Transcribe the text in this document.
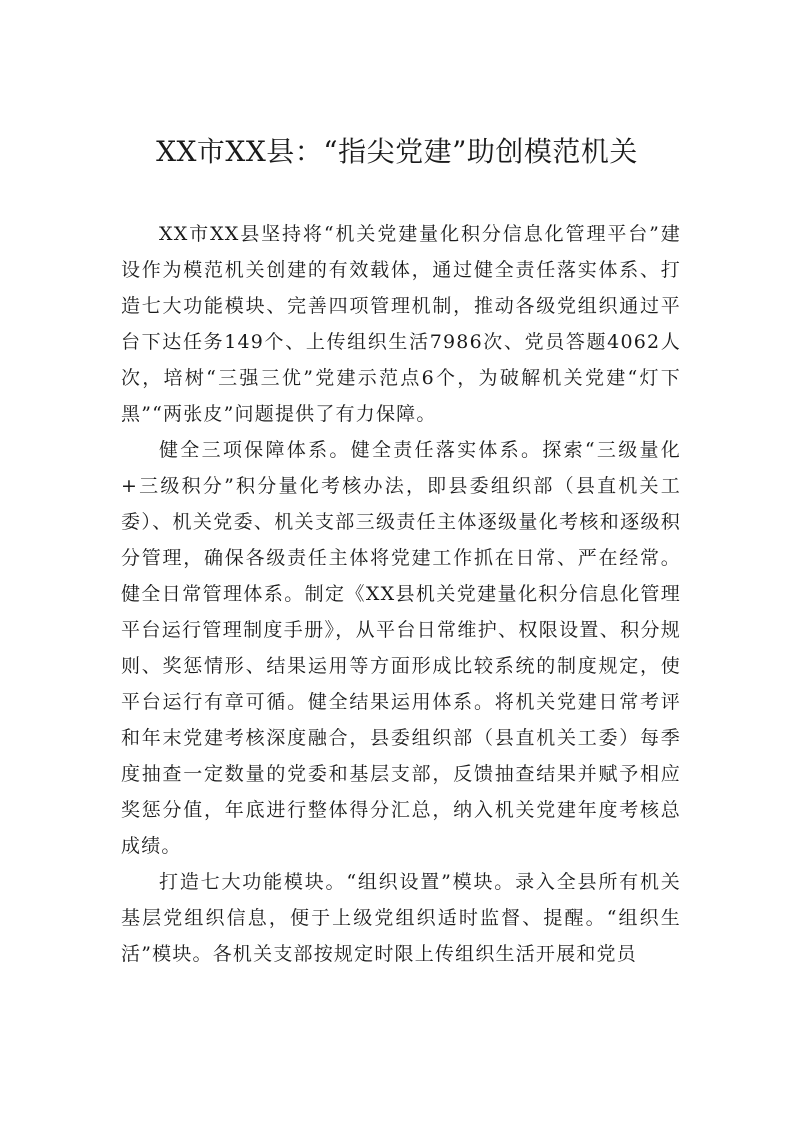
XX市XX县：“指尖党建”助创模范机关

XX市XX县坚持将“机关党建量化积分信息化管理平台”建设作为模范机关创建的有效载体，通过健全责任落实体系、打造七大功能模块、完善四项管理机制，推动各级党组织通过平台下达任务149个、上传组织生活7986次、党员答题4062人次，培树“三强三优”党建示范点6个，为破解机关党建“灯下黑”“两张皮”问题提供了有力保障。

健全三项保障体系。健全责任落实体系。探索“三级量化+三级积分”积分量化考核办法，即县委组织部（县直机关工委）、机关党委、机关支部三级责任主体逐级量化考核和逐级积分管理，确保各级责任主体将党建工作抓在日常、严在经常。健全日常管理体系。制定《XX县机关党建量化积分信息化管理平台运行管理制度手册》，从平台日常维护、权限设置、积分规则、奖惩情形、结果运用等方面形成比较系统的制度规定，使平台运行有章可循。健全结果运用体系。将机关党建日常考评和年末党建考核深度融合，县委组织部（县直机关工委）每季度抽查一定数量的党委和基层支部，反馈抽查结果并赋予相应奖惩分值，年底进行整体得分汇总，纳入机关党建年度考核总成绩。

打造七大功能模块。“组织设置”模块。录入全县所有机关基层党组织信息，便于上级党组织适时监督、提醒。“组织生活”模块。各机关支部按规定时限上传组织生活开展和党员
